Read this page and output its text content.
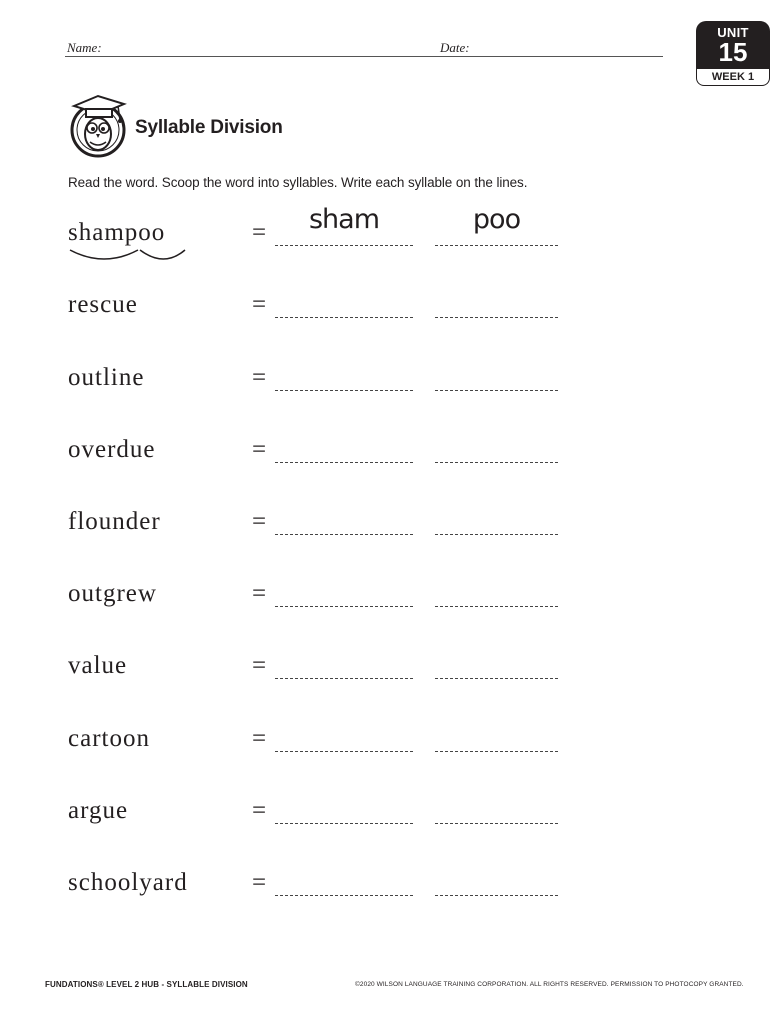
Name:	Date:
UNIT
15
WEEK 1
Syllable Division
Read the word. Scoop the word into syllables. Write each syllable on the lines.
shampoo	=	sham	poo
rescue	=
outline	=
overdue	=
flounder	=
outgrew	=
value	=
cartoon	=
argue	=
schoolyard	=
FUNDATIONS® LEVEL 2 HUB - SYLLABLE DIVISION	©2020 WILSON LANGUAGE TRAINING CORPORATION. ALL RIGHTS RESERVED. PERMISSION TO PHOTOCOPY GRANTED.
